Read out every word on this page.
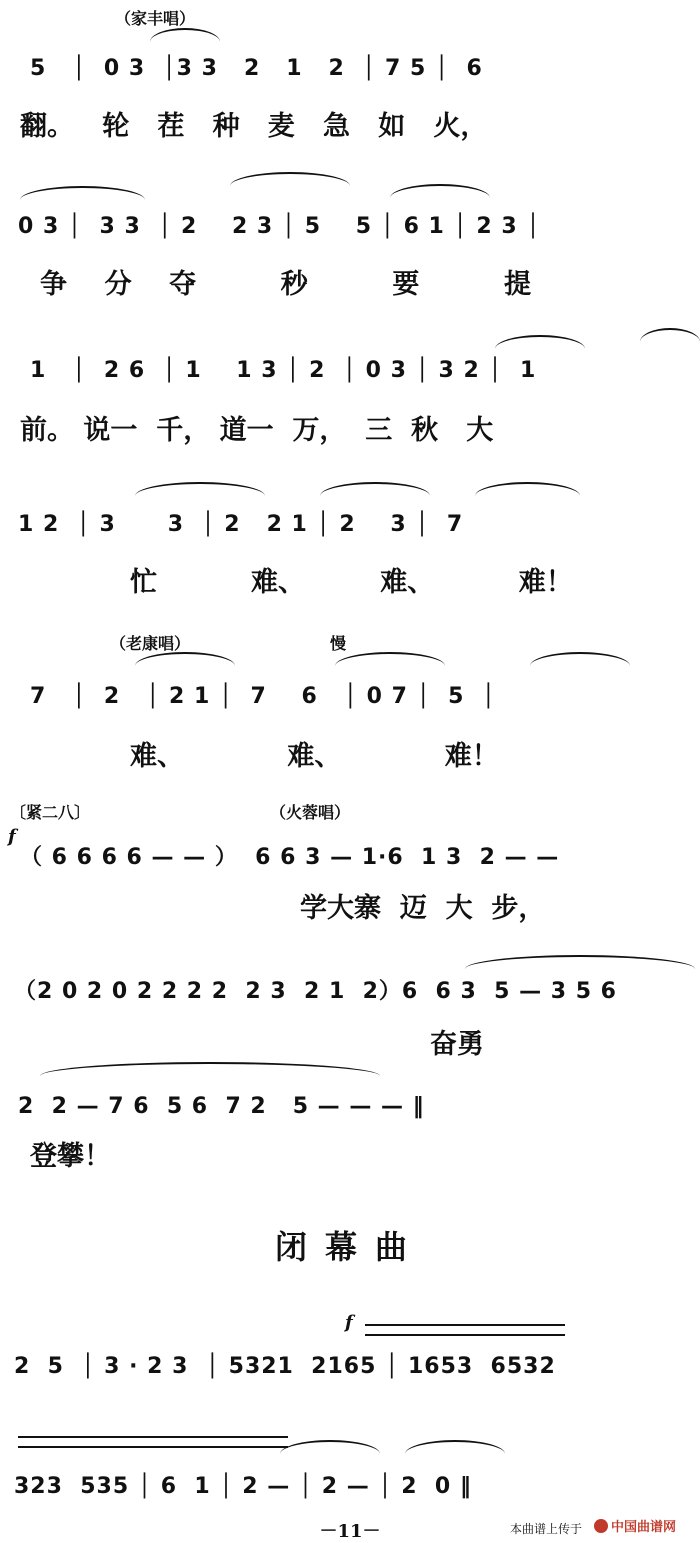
（家丰唱）
5   │  0 3  │3 3   2   1   2  │ 7 5 │  6
翻。   轮   茬   种   麦   急   如   火，
0 3 │  3 3  │ 2    2 3 │ 5    5 │ 6 1 │ 2 3 │
争    分    夺         秒         要         提
1   │  2 6  │ 1    1 3 │ 2  │ 0 3 │ 3 2 │  1
前。 说一  千， 道一  万，  三  秋   大
1 2  │ 3      3  │ 2   2 1 │ 2    3 │  7
忙          难、        难、         难！
（老康唱）	慢
7   │  2   │ 2 1 │  7    6   │ 0 7 │  5  │
难、           难、           难！
〔紧二八〕	（火蓉唱）
f
（ 6 6 6 6 — — ）  6 6 3 — 1·6  1 3  2 — —
学大寨  迈  大  步，
（2 0 2 0 2 2 2 2  2 3  2 1  2）6  6 3  5 — 3 5 6
奋勇
2  2 — 7 6  5 6  7 2   5 — — — ‖
登攀！
闭幕曲
f
2  5  │ 3 · 2 3  │ 5321  2165 │ 1653  6532
323  535 │ 6  1 │ 2 — │ 2 — │ 2  0 ‖
－11－	本曲谱上传于 中国曲谱网
